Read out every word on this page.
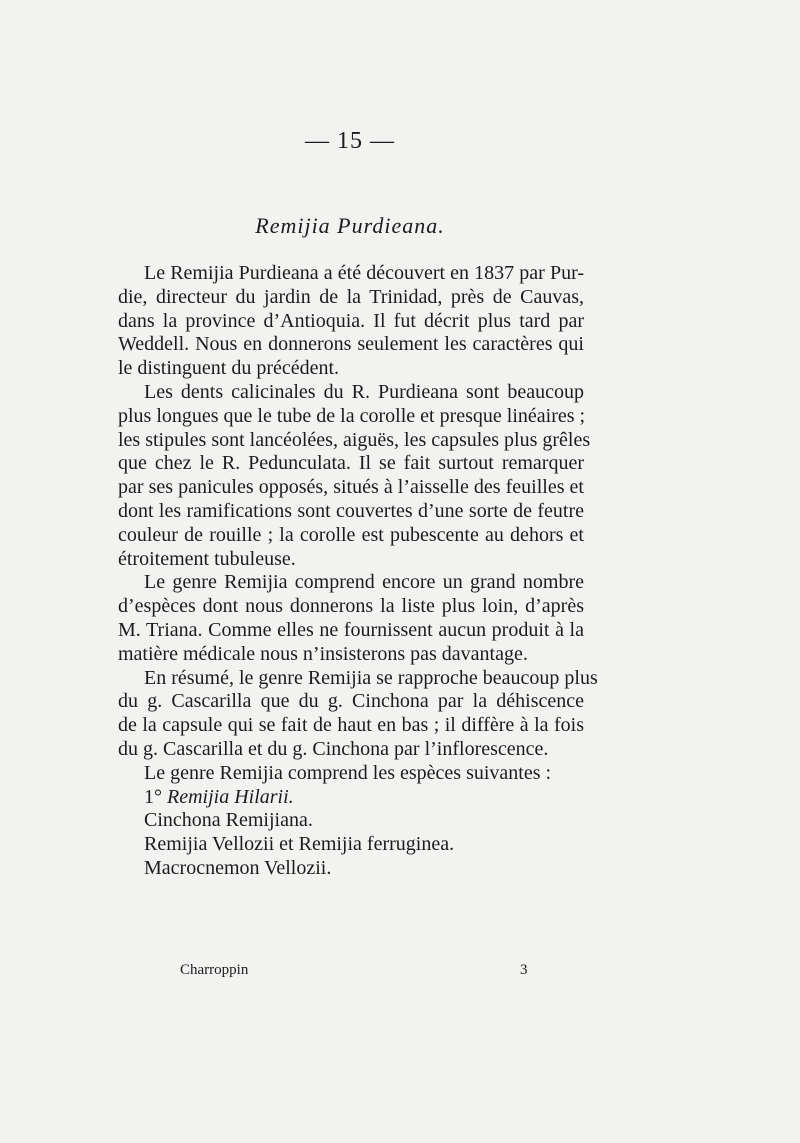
— 15 —
Remijia Purdieana.
Le Remijia Purdieana a été découvert en 1837 par Pur-
die, directeur du jardin de la Trinidad, près de Cauvas,
dans la province d’Antioquia. Il fut décrit plus tard par
Weddell. Nous en donnerons seulement les caractères qui
le distinguent du précédent.
Les dents calicinales du R. Purdieana sont beaucoup
plus longues que le tube de la corolle et presque linéaires ;
les stipules sont lancéolées, aiguës, les capsules plus grêles
que chez le R. Pedunculata. Il se fait surtout remarquer
par ses panicules opposés, situés à l’aisselle des feuilles et
dont les ramifications sont couvertes d’une sorte de feutre
couleur de rouille ; la corolle est pubescente au dehors et
étroitement tubuleuse.
Le genre Remijia comprend encore un grand nombre
d’espèces dont nous donnerons la liste plus loin, d’après
M. Triana. Comme elles ne fournissent aucun produit à la
matière médicale nous n’insisterons pas davantage.
En résumé, le genre Remijia se rapproche beaucoup plus
du g. Cascarilla que du g. Cinchona par la déhiscence
de la capsule qui se fait de haut en bas ; il diffère à la fois
du g. Cascarilla et du g. Cinchona par l’inflorescence.
Le genre Remijia comprend les espèces suivantes :
1° Remijia Hilarii.
Cinchona Remijiana.
Remijia Vellozii et Remijia ferruginea.
Macrocnemon Vellozii.
Charroppin	3
